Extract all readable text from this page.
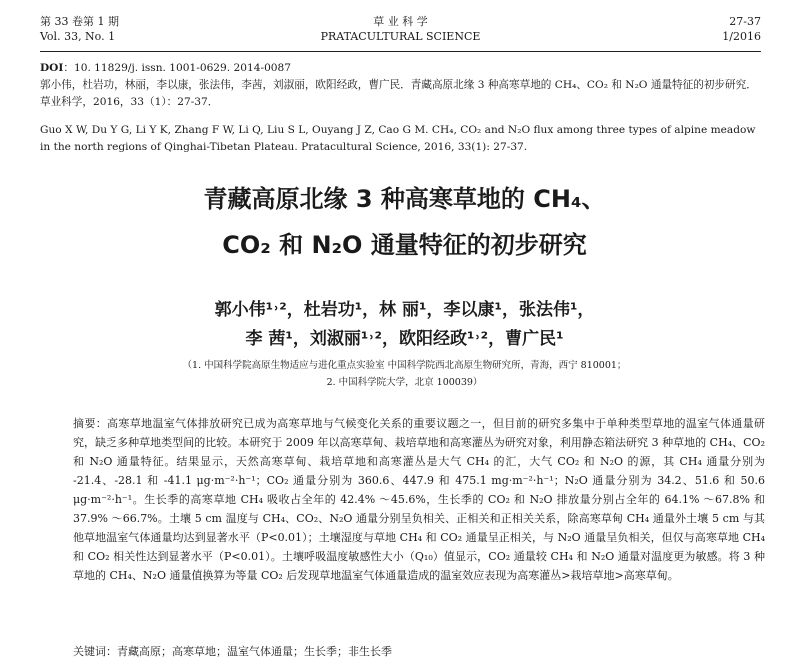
第 33 卷第 1 期
Vol. 33, No. 1
草 业 科 学
PRATACULTURAL SCIENCE
27-37
1/2016
DOI：10. 11829/j. issn. 1001-0629. 2014-0087
郭小伟，杜岩功，林丽，李以康，张法伟，李茜，刘淑丽，欧阳经政，曹广民．青藏高原北缘 3 种高寒草地的 CH₄、CO₂ 和 N₂O 通量特征的初步研究．草业科学，2016，33（1）：27-37．
Guo X W, Du Y G, Li Y K, Zhang F W, Li Q, Liu S L, Ouyang J Z, Cao G M. CH₄, CO₂ and N₂O flux among three types of alpine meadow in the north regions of Qinghai-Tibetan Plateau. Pratacultural Science, 2016, 33(1): 27-37.
青藏高原北缘 3 种高寒草地的 CH₄、
CO₂ 和 N₂O 通量特征的初步研究
郭小伟¹˒²，杜岩功¹，林 丽¹，李以康¹，张法伟¹，
李 茜¹，刘淑丽¹˒²，欧阳经政¹˒²，曹广民¹
（1. 中国科学院高原生物适应与进化重点实验室 中国科学院西北高原生物研究所，青海，西宁 810001；
2. 中国科学院大学，北京 100039）
摘要：高寒草地温室气体排放研究已成为高寒草地与气候变化关系的重要议题之一，但目前的研究多集中于单种类型草地的温室气体通量研究，缺乏多种草地类型间的比较。本研究于 2009 年以高寒草甸、栽培草地和高寒灌丛为研究对象，利用静态箱法研究 3 种草地的 CH₄、CO₂ 和 N₂O 通量特征。结果显示，天然高寒草甸、栽培草地和高寒灌丛是大气 CH₄ 的汇，大气 CO₂ 和 N₂O 的源，其 CH₄ 通量分别为 -21.4、-28.1 和 -41.1 μg·m⁻²·h⁻¹；CO₂ 通量分别为 360.6、447.9 和 475.1 mg·m⁻²·h⁻¹；N₂O 通量分别为 34.2、51.6 和 50.6 μg·m⁻²·h⁻¹。生长季的高寒草地 CH₄ 吸收占全年的 42.4% ～45.6%，生长季的 CO₂ 和 N₂O 排放量分别占全年的 64.1% ～67.8% 和 37.9% ～66.7%。土壤 5 cm 温度与 CH₄、CO₂、N₂O 通量分别呈负相关、正相关和正相关关系，除高寒草甸 CH₄ 通量外土壤 5 cm 与其他草地温室气体通量均达到显著水平（P<0.01）；土壤湿度与草地 CH₄ 和 CO₂ 通量呈正相关，与 N₂O 通量呈负相关，但仅与高寒草地 CH₄ 和 CO₂ 相关性达到显著水平（P<0.01）。土壤呼吸温度敏感性大小（Q₁₀）值显示，CO₂ 通量较 CH₄ 和 N₂O 通量对温度更为敏感。将 3 种草地的 CH₄、N₂O 通量值换算为等量 CO₂ 后发现草地温室气体通量造成的温室效应表现为高寒灌丛>栽培草地>高寒草甸。
关键词：青藏高原；高寒草地；温室气体通量；生长季；非生长季
